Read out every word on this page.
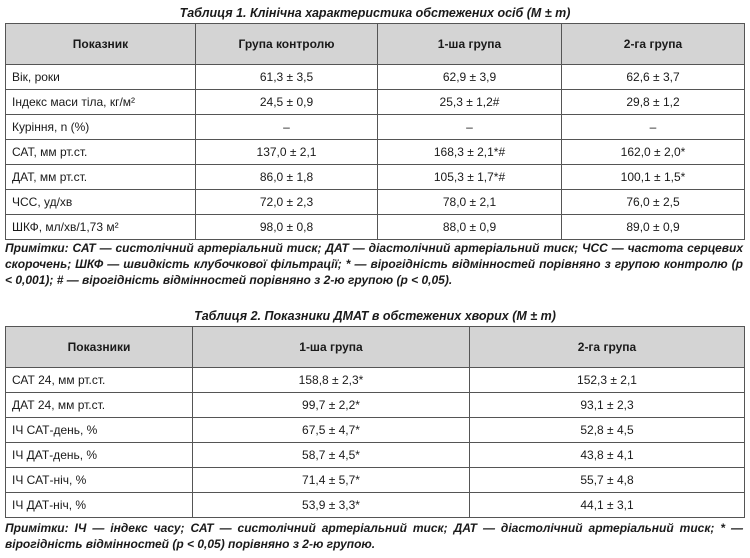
Таблиця 1. Клінічна характеристика обстежених осіб (M ± m)
Показник	Група контролю	1-ша група	2-га група
Вік, роки	61,3 ± 3,5	62,9 ± 3,9	62,6 ± 3,7
Індекс маси тіла, кг/м²	24,5 ± 0,9	25,3 ± 1,2#	29,8 ± 1,2
Куріння, n (%)	–	–	–
САТ, мм рт.ст.	137,0 ± 2,1	168,3 ± 2,1*#	162,0 ± 2,0*
ДАТ, мм рт.ст.	86,0 ± 1,8	105,3 ± 1,7*#	100,1 ± 1,5*
ЧСС, уд/хв	72,0 ± 2,3	78,0 ± 2,1	76,0 ± 2,5
ШКФ, мл/хв/1,73 м²	98,0 ± 0,8	88,0 ± 0,9	89,0 ± 0,9
Примітки: САТ — систолічний артеріальний тиск; ДАТ — діастолічний артеріальний тиск; ЧСС — частота серцевих скорочень; ШКФ — швидкість клубочкової фільтрації; * — вірогідність відмінностей порівняно з групою контролю (р < 0,001); # — вірогідність відмінностей порівняно з 2-ю групою (р < 0,05).
Таблиця 2. Показники ДМАТ в обстежених хворих (M ± m)
Показники	1-ша група	2-га група
САТ 24, мм рт.ст.	158,8 ± 2,3*	152,3 ± 2,1
ДАТ 24, мм рт.ст.	99,7 ± 2,2*	93,1 ± 2,3
ІЧ САТ-день, %	67,5 ± 4,7*	52,8 ± 4,5
ІЧ ДАТ-день, %	58,7 ± 4,5*	43,8 ± 4,1
ІЧ САТ-ніч, %	71,4 ± 5,7*	55,7 ± 4,8
ІЧ ДАТ-ніч, %	53,9 ± 3,3*	44,1 ± 3,1
Примітки: ІЧ — індекс часу; САТ — систолічний артеріальний тиск; ДАТ — діастолічний артеріальний тиск; * — вірогідність відмінностей (р < 0,05) порівняно з 2-ю групою.
